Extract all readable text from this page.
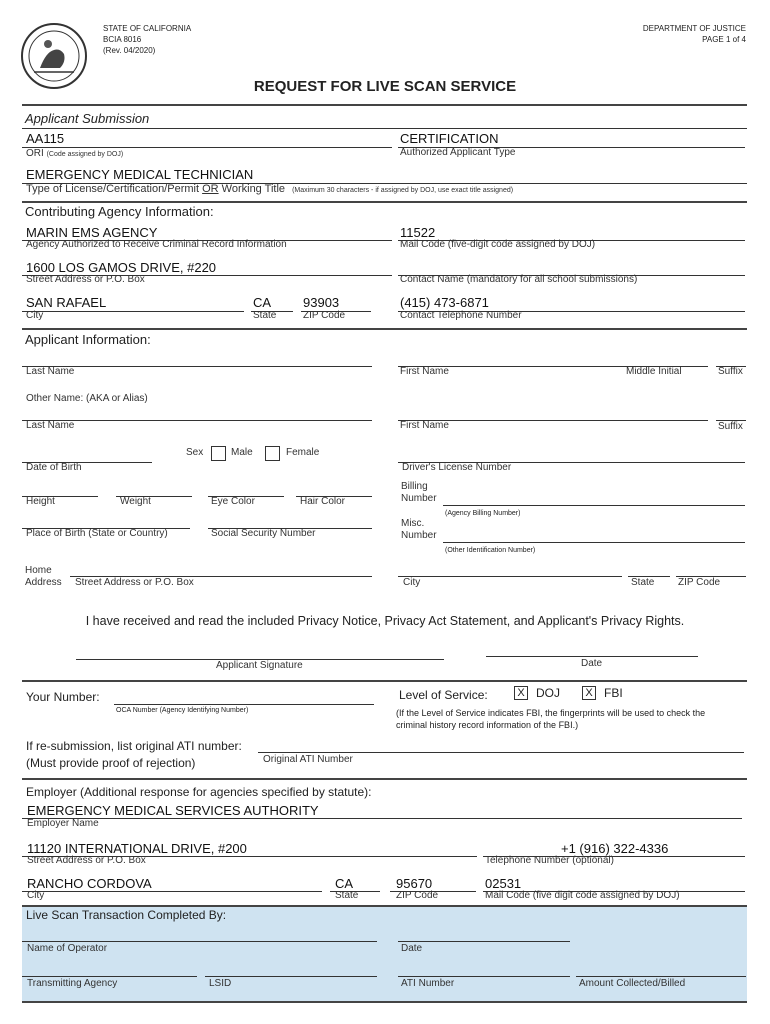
STATE OF CALIFORNIA
BCIA 8016
(Rev. 04/2020)
DEPARTMENT OF JUSTICE
PAGE 1 of 4
REQUEST FOR LIVE SCAN SERVICE
Applicant Submission
AA115
ORI (Code assigned by DOJ)
CERTIFICATION
Authorized Applicant Type
EMERGENCY MEDICAL TECHNICIAN
Type of License/Certification/Permit OR Working Title (Maximum 30 characters - if assigned by DOJ, use exact title assigned)
Contributing Agency Information:
MARIN EMS AGENCY
Agency Authorized to Receive Criminal Record Information
11522
Mail Code (five-digit code assigned by DOJ)
1600 LOS GAMOS DRIVE, #220
Street Address or P.O. Box	Contact Name (mandatory for all school submissions)
SAN RAFAEL
City
CA
State
93903
ZIP Code
(415) 473-6871
Contact Telephone Number
Applicant Information:
Last Name	First Name	Middle Initial	Suffix
Other Name: (AKA or Alias)
Last Name	First Name	Suffix
Sex	Male	Female
Date of Birth	Driver's License Number
Height	Weight	Eye Color	Hair Color
Billing
Number
(Agency Billing Number)
Place of Birth (State or Country)	Social Security Number
Misc.
Number
(Other Identification Number)
Home
Address Street Address or P.O. Box	City	State ZIP Code
I have received and read the included Privacy Notice, Privacy Act Statement, and Applicant's Privacy Rights.
Applicant Signature	Date
Your Number:
OCA Number (Agency Identifying Number)
Level of Service:	X DOJ	X FBI
(If the Level of Service indicates FBI, the fingerprints will be used to check the
criminal history record information of the FBI.)
If re-submission, list original ATI number:
(Must provide proof of rejection)	Original ATI Number
Employer (Additional response for agencies specified by statute):
EMERGENCY MEDICAL SERVICES AUTHORITY
Employer Name
11120 INTERNATIONAL DRIVE, #200
Street Address or P.O. Box
+1 (916) 322-4336
Telephone Number (optional)
RANCHO CORDOVA
City
CA
State
95670
ZIP Code
02531
Mail Code (five digit code assigned by DOJ)
Live Scan Transaction Completed By:
Name of Operator	Date
Transmitting Agency	LSID	ATI Number	Amount Collected/Billed
